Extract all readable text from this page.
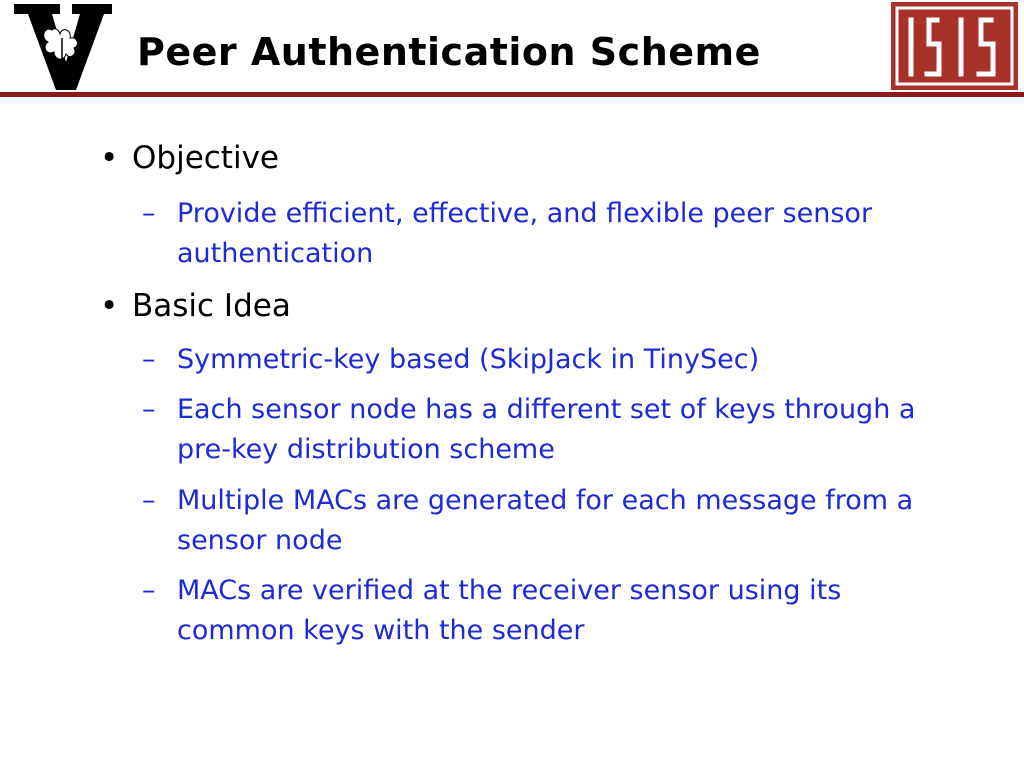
Peer Authentication Scheme
• Objective
– Provide efficient, effective, and flexible peer sensor authentication
• Basic Idea
– Symmetric-key based (SkipJack in TinySec)
– Each sensor node has a different set of keys through a pre-key distribution scheme
– Multiple MACs are generated for each message from a sensor node
– MACs are verified at the receiver sensor using its common keys with the sender
